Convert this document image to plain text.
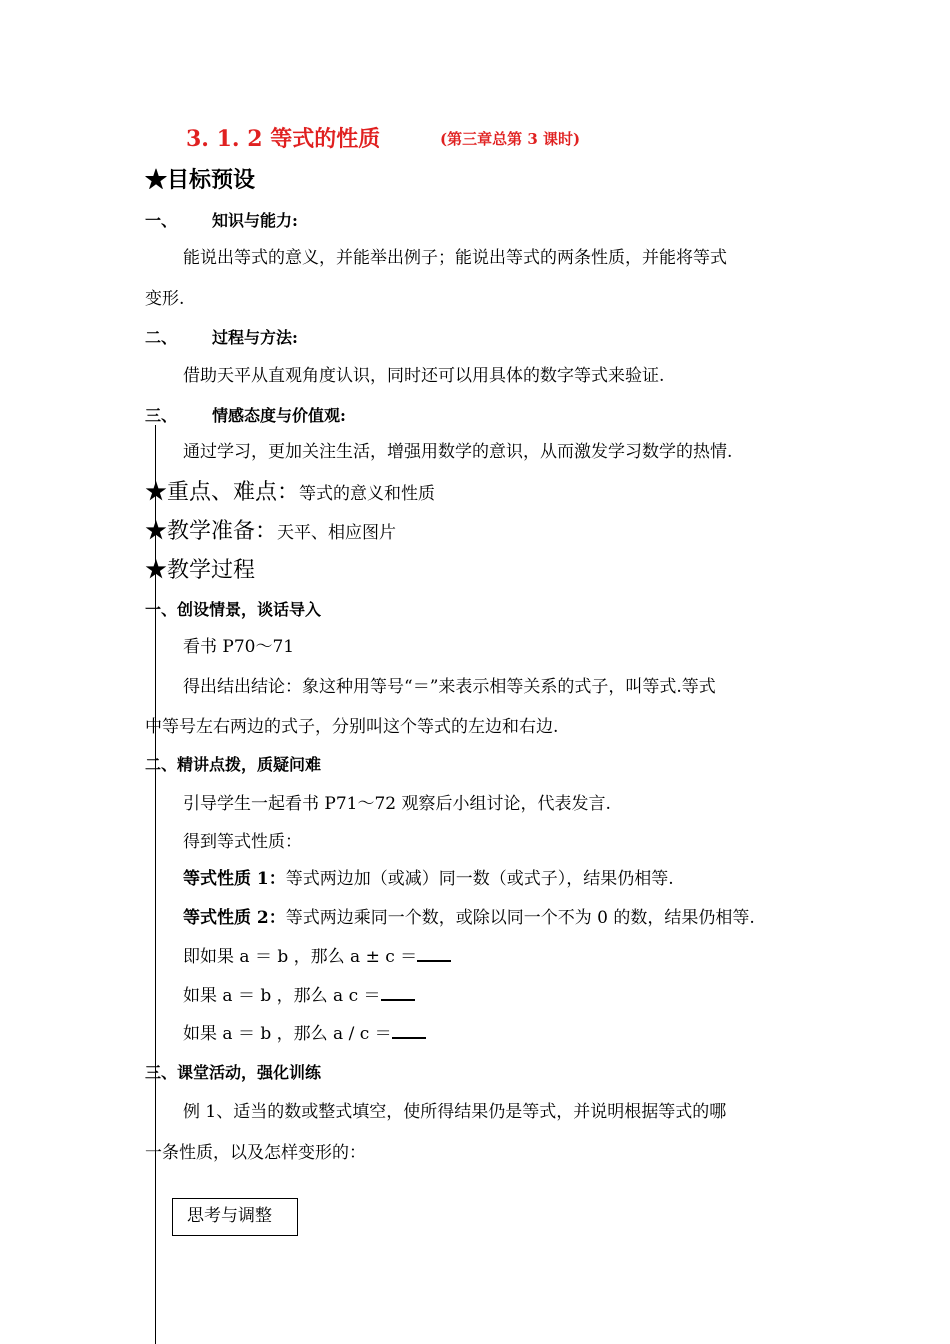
3. 1. 2 等式的性质	(第三章总第 3 课时)
★目标预设
一、 知识与能力:
能说出等式的意义，并能举出例子；能说出等式的两条性质，并能将等式
变形.
二、 过程与方法:
借助天平从直观角度认识，同时还可以用具体的数字等式来验证.
三、 情感态度与价值观:
通过学习，更加关注生活，增强用数学的意识，从而激发学习数学的热情.
★重点、难点：等式的意义和性质
★教学准备：天平、相应图片
★教学过程
一、创设情景，谈话导入
看书 P70～71
得出结出结论：象这种用等号“＝”来表示相等关系的式子，叫等式.等式
中等号左右两边的式子，分别叫这个等式的左边和右边.
二、精讲点拨，质疑问难
引导学生一起看书 P71～72 观察后小组讨论，代表发言.
得到等式性质：
等式性质 1：等式两边加（或减）同一数（或式子），结果仍相等.
等式性质 2：等式两边乘同一个数，或除以同一个不为 0 的数，结果仍相等.
即如果 a ＝ b ，那么 a ± c ＝
如果 a ＝ b ，那么 a c ＝
如果 a ＝ b ，那么 a / c ＝
三、课堂活动，强化训练
例 1、适当的数或整式填空，使所得结果仍是等式，并说明根据等式的哪
一条性质，以及怎样变形的：
思考与调整
